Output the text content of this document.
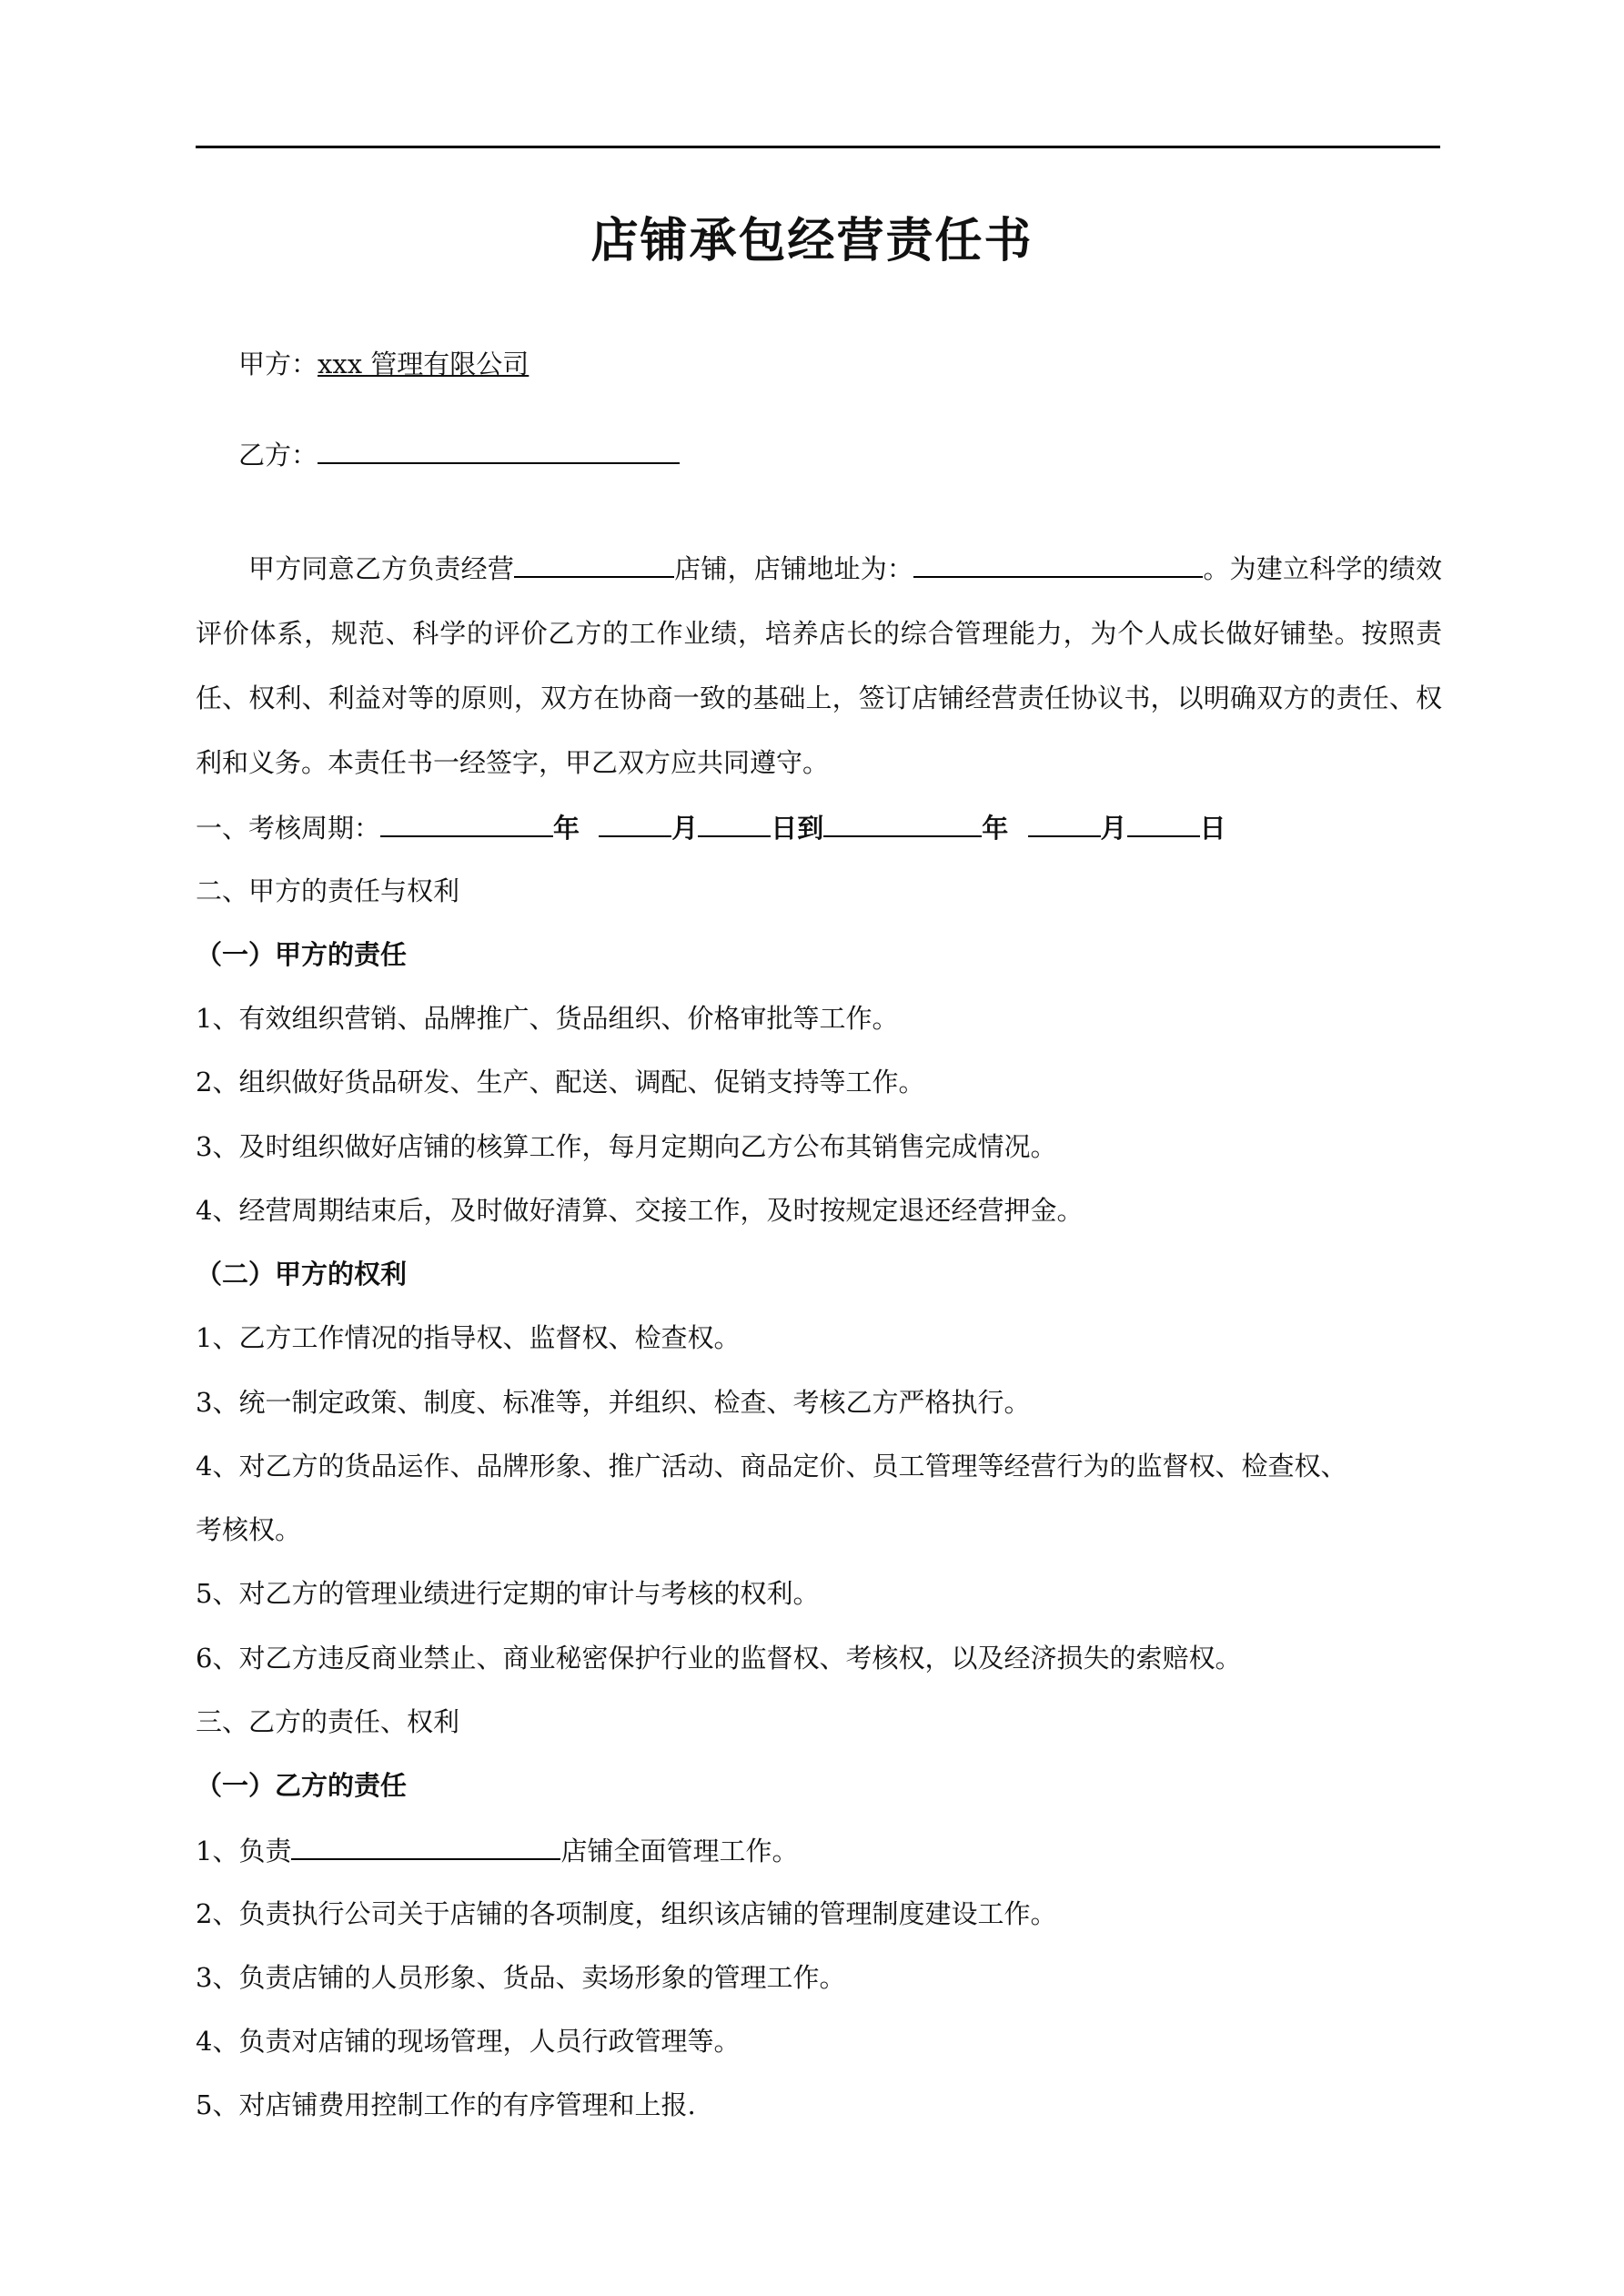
店铺承包经营责任书
甲方：xxx 管理有限公司
乙方：
甲方同意乙方负责经营	店铺，店铺地址为：	。为建立科学的绩效评价体系，规范、科学的评价乙方的工作业绩，培养店长的综合管理能力，为个人成长做好铺垫。按照责任、权利、利益对等的原则，双方在协商一致的基础上，签订店铺经营责任协议书，以明确双方的责任、权利和义务。本责任书一经签字，甲乙双方应共同遵守。
一、考核周期：	年	月	日到	年	月	日
二、甲方的责任与权利
（一）甲方的责任
1、有效组织营销、品牌推广、货品组织、价格审批等工作。
2、组织做好货品研发、生产、配送、调配、促销支持等工作。
3、及时组织做好店铺的核算工作，每月定期向乙方公布其销售完成情况。
4、经营周期结束后，及时做好清算、交接工作，及时按规定退还经营押金。
（二）甲方的权利
1、乙方工作情况的指导权、监督权、检查权。
3、统一制定政策、制度、标准等，并组织、检查、考核乙方严格执行。
4、对乙方的货品运作、品牌形象、推广活动、商品定价、员工管理等经营行为的监督权、检查权、
考核权。
5、对乙方的管理业绩进行定期的审计与考核的权利。
6、对乙方违反商业禁止、商业秘密保护行业的监督权、考核权，以及经济损失的索赔权。
三、乙方的责任、权利
（一）乙方的责任
1、负责	店铺全面管理工作。
2、负责执行公司关于店铺的各项制度，组织该店铺的管理制度建设工作。
3、负责店铺的人员形象、货品、卖场形象的管理工作。
4、负责对店铺的现场管理，人员行政管理等。
5、对店铺费用控制工作的有序管理和上报.
